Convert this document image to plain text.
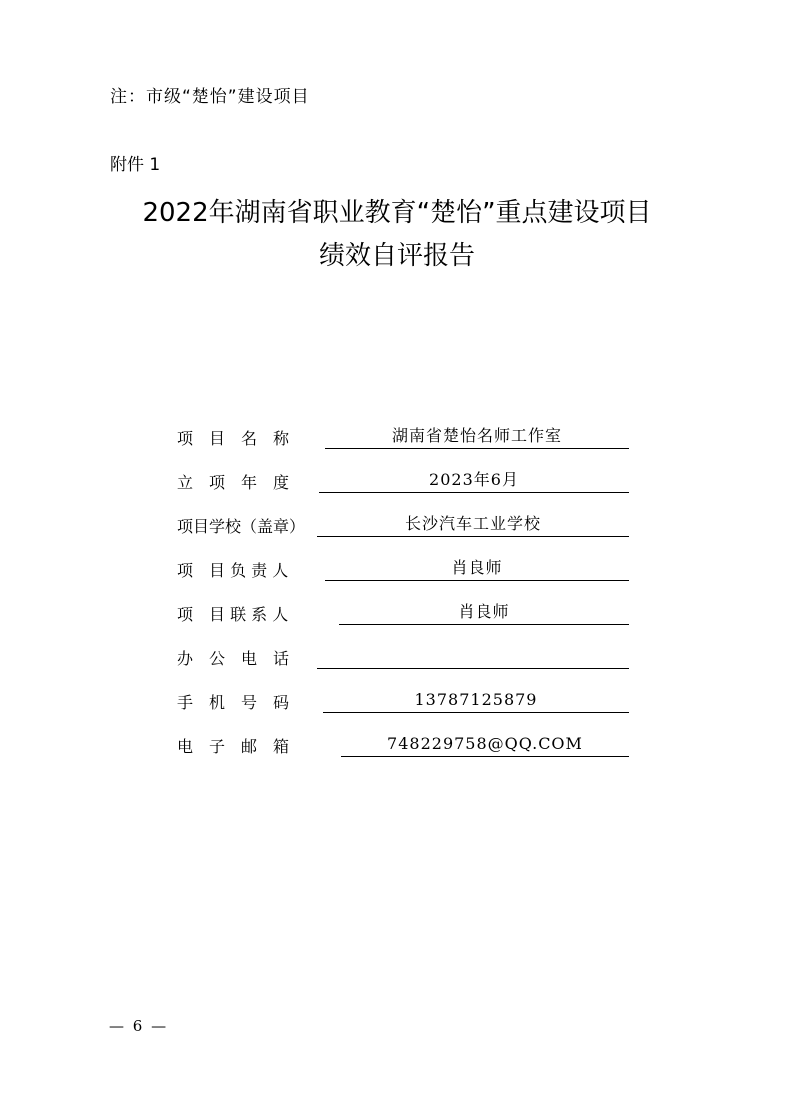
注：市级“楚怡”建设项目
附件 1
2022年湖南省职业教育“楚怡”重点建设项目
绩效自评报告
项　目　名　称	湖南省楚怡名师工作室
立　项　年　度	2023年6月
项目学校（盖章）	长沙汽车工业学校
项　目 负 责 人	肖良师
项　目 联 系 人	肖良师
办　公　电　话
手　机　号　码	13787125879
电　子　邮　箱	748229758@QQ.COM
— 6 —
